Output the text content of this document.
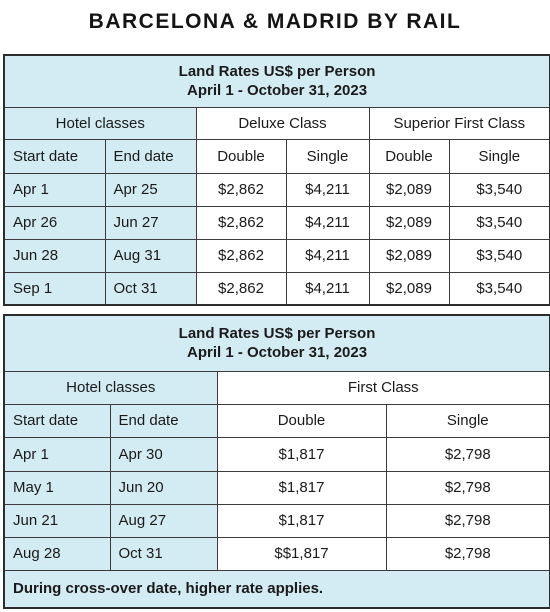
BARCELONA & MADRID BY RAIL
Land Rates US$ per Person
April 1 - October 31, 2023					

Hotel classes		Deluxe Class		Superior First Class	
Start date	End date	Double	Single	Double	Single
Apr 1	Apr 25	$2,862	$4,211	$2,089	$3,540
Apr 26	Jun 27	$2,862	$4,211	$2,089	$3,540
Jun 28	Aug 31	$2,862	$4,211	$2,089	$3,540
Sep 1	Oct 31	$2,862	$4,211	$2,089	$3,540
Land Rates US$ per Person
April 1 - October 31, 2023			

Hotel classes		First Class	
Start date	End date	Double	Single
Apr 1	Apr 30	$1,817	$2,798
May 1	Jun 20	$1,817	$2,798
Jun 21	Aug 27	$1,817	$2,798
Aug 28	Oct 31	$$1,817	$2,798
During cross-over date, higher rate applies.			
